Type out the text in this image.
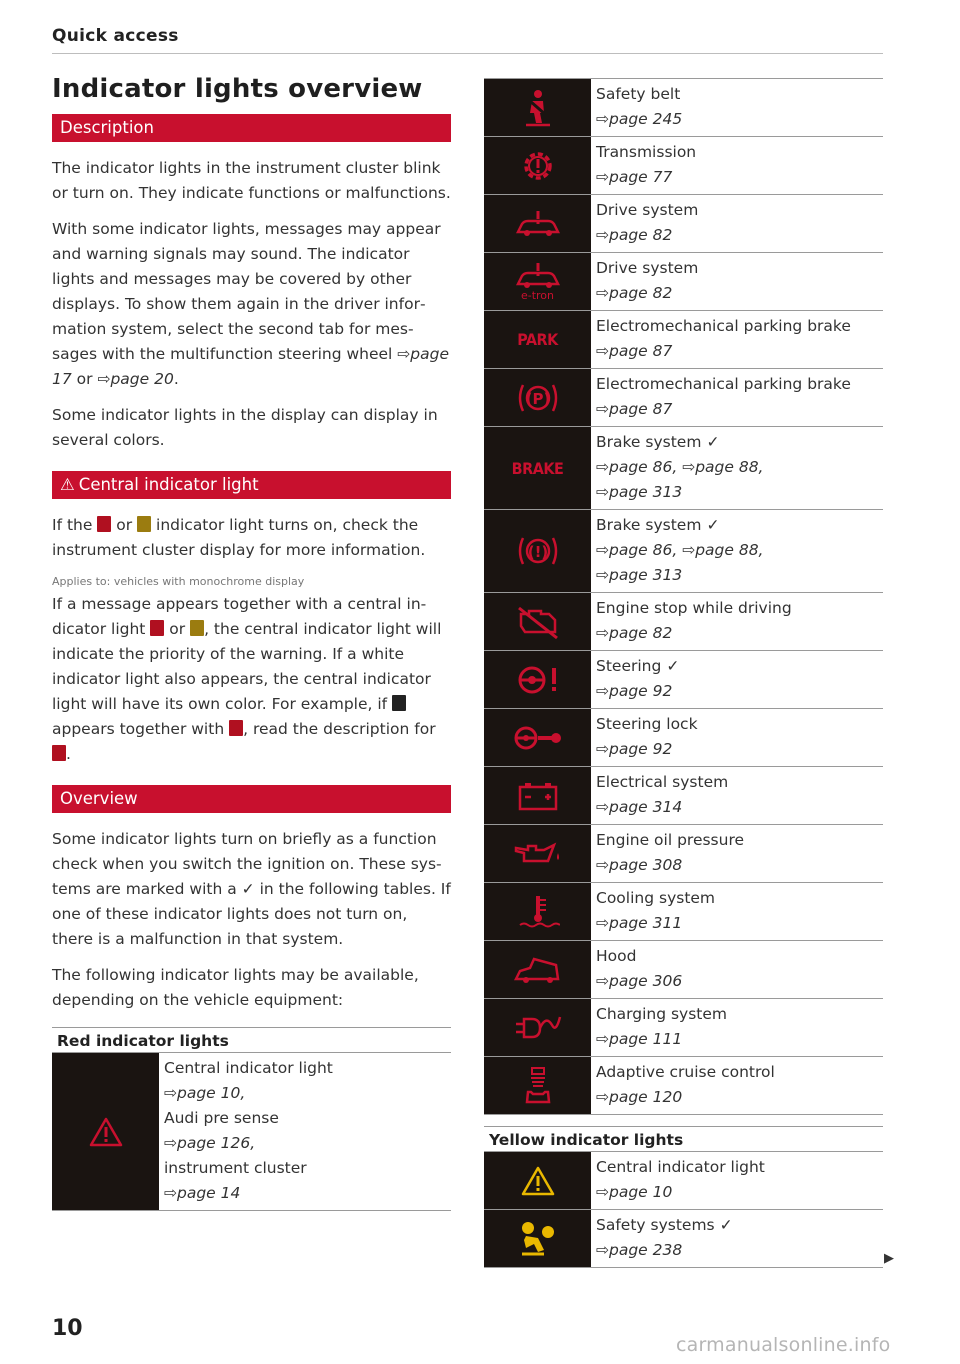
Quick access
Indicator lights overview
Description

The indicator lights in the instrument cluster blink or turn on. They indicate functions or malfunctions.

With some indicator lights, messages may appear and warning signals may sound. The indicator lights and messages may be covered by other displays. To show them again in the driver information system, select the second tab for messages with the multifunction steering wheel ⇨page 17 or ⇨page 20.

Some indicator lights in the display can display in several colors.

⚠ Central indicator light

If the or indicator light turns on, check the instrument cluster display for more information.

Applies to: vehicles with monochrome display

If a message appears together with a central indicator light or , the central indicator light will indicate the priority of the warning. If a white indicator light also appears, the central indicator light will have its own color. For example, if  appears together with , read the description for .

Overview

Some indicator lights turn on briefly as a function check when you switch the ignition on. These systems are marked with a ✓ in the following tables. If one of these indicator lights does not turn on, there is a malfunction in that system.

The following indicator lights may be available, depending on the vehicle equipment:

Red indicator lights
Central indicator light
⇨page 10,
Audi pre sense
⇨page 126,
instrument cluster
⇨page 14
Safety belt
⇨page 245
Transmission
⇨page 77
Drive system
⇨page 82
e-tron
Drive system
⇨page 82
PARK
Electromechanical parking brake
⇨page 87
(P)
Electromechanical parking brake
⇨page 87
BRAKE
Brake system ✓
⇨page 86, ⇨page 88,
⇨page 313
(!)
Brake system ✓
⇨page 86, ⇨page 88,
⇨page 313
Engine stop while driving
⇨page 82
Steering ✓
⇨page 92
Steering lock
⇨page 92
Electrical system
⇨page 314
Engine oil pressure
⇨page 308
Cooling system
⇨page 311
Hood
⇨page 306
Charging system
⇨page 111
Adaptive cruise control
⇨page 120
Yellow indicator lights
Central indicator light
⇨page 10
Safety systems ✓
⇨page 238
10
▶
carmanualsonline.info
